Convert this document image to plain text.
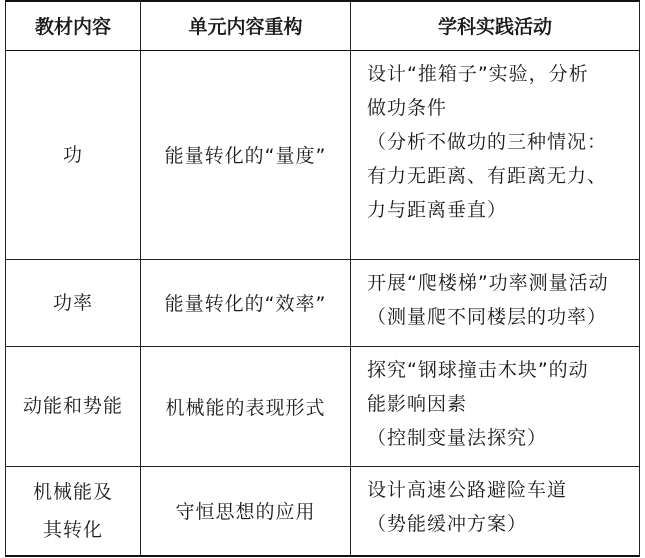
教材内容	单元内容重构	学科实践活动

功	能量转化的“量度”	设计“推箱子”实验，分析
做功条件
（分析不做功的三种情况：
有力无距离、有距离无力、
力与距离垂直）

功率	能量转化的“效率”	开展“爬楼梯”功率测量活动
（测量爬不同楼层的功率）

动能和势能	机械能的表现形式	探究“钢球撞击木块”的动
能影响因素
（控制变量法探究）

机械能及
其转化	守恒思想的应用	设计高速公路避险车道
（势能缓冲方案）
